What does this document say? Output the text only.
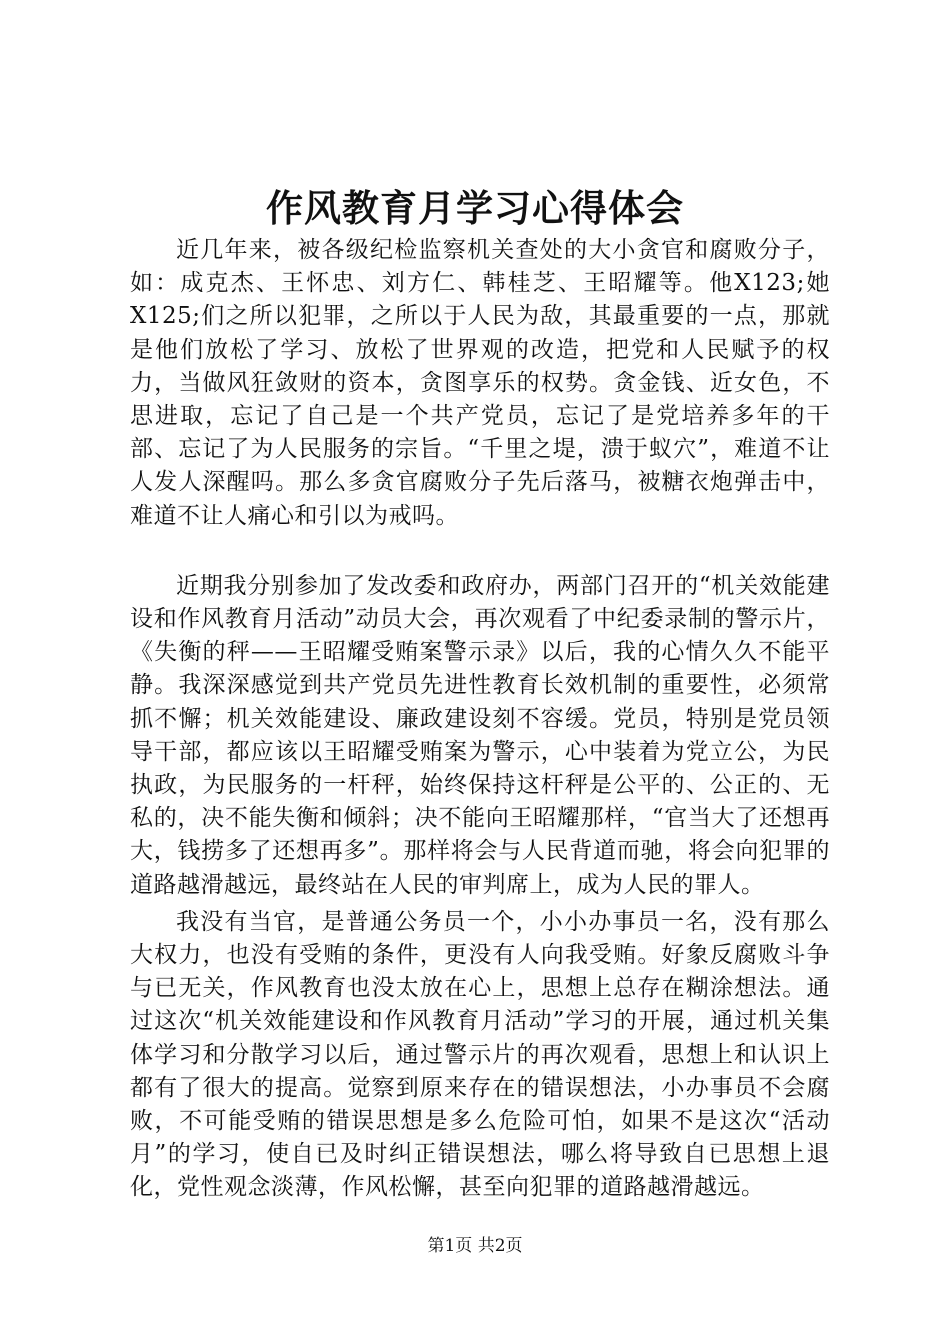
作风教育月学习心得体会

近几年来，被各级纪检监察机关查处的大小贪官和腐败分子，如：成克杰、王怀忠、刘方仁、韩桂芝、王昭耀等。他X123;她X125;们之所以犯罪，之所以于人民为敌，其最重要的一点，那就是他们放松了学习、放松了世界观的改造，把党和人民赋予的权力，当做风狂敛财的资本，贪图享乐的权势。贪金钱、近女色，不思进取，忘记了自己是一个共产党员，忘记了是党培养多年的干部、忘记了为人民服务的宗旨。“千里之堤，溃于蚁穴”，难道不让人发人深醒吗。那么多贪官腐败分子先后落马，被糖衣炮弹击中，难道不让人痛心和引以为戒吗。

近期我分别参加了发改委和政府办，两部门召开的“机关效能建设和作风教育月活动”动员大会，再次观看了中纪委录制的警示片，《失衡的秤——王昭耀受贿案警示录》以后，我的心情久久不能平静。我深深感觉到共产党员先进性教育长效机制的重要性，必须常抓不懈；机关效能建设、廉政建设刻不容缓。党员，特别是党员领导干部，都应该以王昭耀受贿案为警示，心中装着为党立公，为民执政，为民服务的一杆秤，始终保持这杆秤是公平的、公正的、无私的，决不能失衡和倾斜；决不能向王昭耀那样，“官当大了还想再大，钱捞多了还想再多”。那样将会与人民背道而驰，将会向犯罪的道路越滑越远，最终站在人民的审判席上，成为人民的罪人。

我没有当官，是普通公务员一个，小小办事员一名，没有那么大权力，也没有受贿的条件，更没有人向我受贿。好象反腐败斗争与已无关，作风教育也没太放在心上，思想上总存在糊涂想法。通过这次“机关效能建设和作风教育月活动”学习的开展，通过机关集体学习和分散学习以后，通过警示片的再次观看，思想上和认识上都有了很大的提高。觉察到原来存在的错误想法，小办事员不会腐败，不可能受贿的错误思想是多么危险可怕，如果不是这次“活动月”的学习，使自已及时纠正错误想法，哪么将导致自已思想上退化，党性观念淡薄，作风松懈，甚至向犯罪的道路越滑越远。

第1页 共2页
